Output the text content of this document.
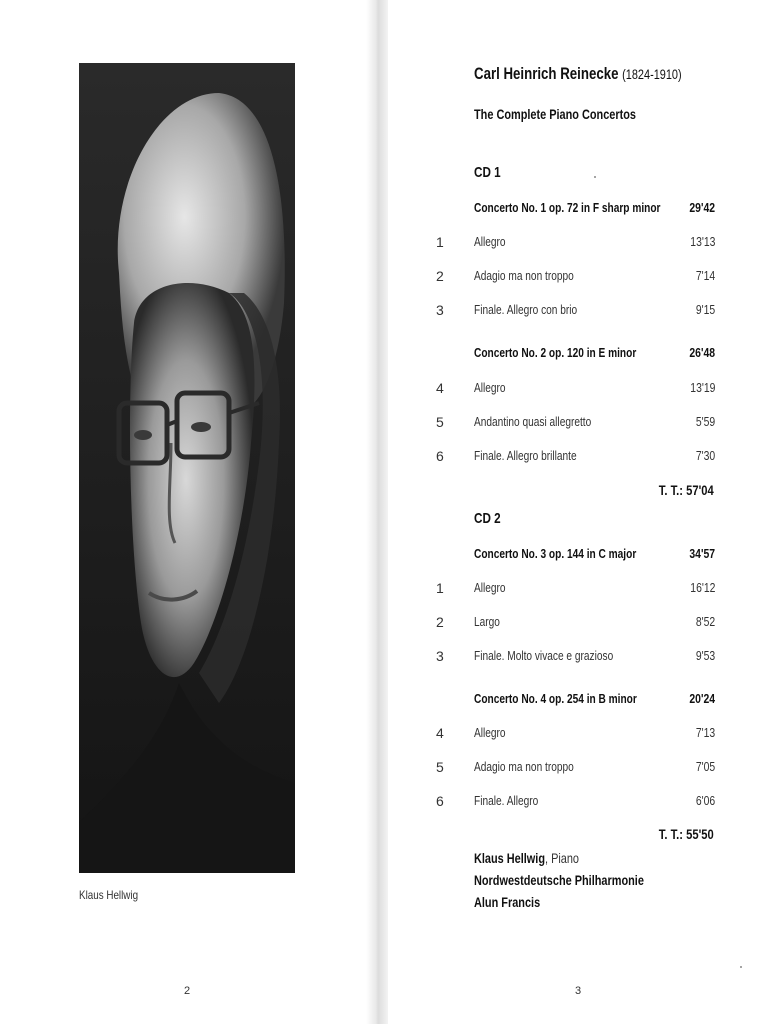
Klaus Hellwig
2
Carl Heinrich Reinecke (1824-1910)
The Complete Piano Concertos
CD 1
Concerto No. 1 op. 72 in F sharp minor 29'42
1 Allegro	13'13
2 Adagio ma non troppo	7'14
3 Finale. Allegro con brio	9'15
Concerto No. 2 op. 120 in E minor	26'48
4 Allegro	13'19
5 Andantino quasi allegretto	5'59
6 Finale. Allegro brillante	7'30
T. T.: 57'04
CD 2
Concerto No. 3 op. 144 in C major	34'57
1 Allegro	16'12
2 Largo	8'52
3 Finale. Molto vivace e grazioso	9'53
Concerto No. 4 op. 254 in B minor	20'24
4 Allegro	7'13
5 Adagio ma non troppo	7'05
6 Finale. Allegro	6'06
T. T.: 55'50
Klaus Hellwig, Piano
Nordwestdeutsche Philharmonie
Alun Francis
3
